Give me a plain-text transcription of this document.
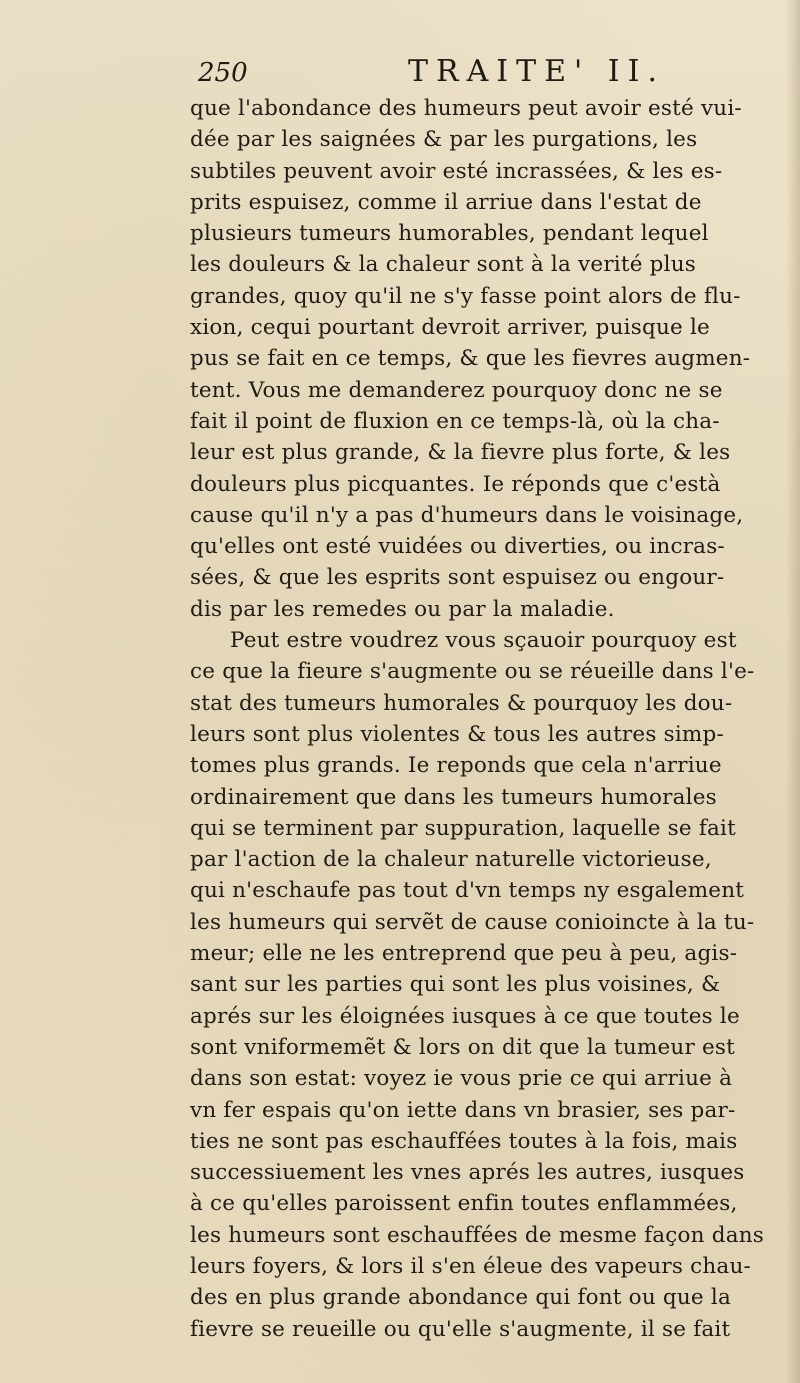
250	TRAITE' II.
que l'abondance des humeurs peut avoir esté vui-
dée par les saignées & par les purgations, les
subtiles peuvent avoir esté incrassées, & les es-
prits espuisez, comme il arriue dans l'estat de
plusieurs tumeurs humorables, pendant lequel
les douleurs & la chaleur sont à la verité plus
grandes, quoy qu'il ne s'y fasse point alors de flu-
xion, cequi pourtant devroit arriver, puisque le
pus se fait en ce temps, & que les fievres augmen-
tent. Vous me demanderez pourquoy donc ne se
fait il point de fluxion en ce temps-là, où la cha-
leur est plus grande, & la fievre plus forte, & les
douleurs plus picquantes. Ie réponds que c'està
cause qu'il n'y a pas d'humeurs dans le voisinage,
qu'elles ont esté vuidées ou diverties, ou incras-
sées, & que les esprits sont espuisez ou engour-
dis par les remedes ou par la maladie.
Peut estre voudrez vous sçauoir pourquoy est
ce que la fieure s'augmente ou se réueille dans l'e-
stat des tumeurs humorales & pourquoy les dou-
leurs sont plus violentes & tous les autres simp-
tomes plus grands. Ie reponds que cela n'arriue
ordinairement que dans les tumeurs humorales
qui se terminent par suppuration, laquelle se fait
par l'action de la chaleur naturelle victorieuse,
qui n'eschaufe pas tout d'vn temps ny esgalement
les humeurs qui servẽt de cause conioincte à la tu-
meur; elle ne les entreprend que peu à peu, agis-
sant sur les parties qui sont les plus voisines, &
aprés sur les éloignées iusques à ce que toutes le
sont vniformemẽt & lors on dit que la tumeur est
dans son estat: voyez ie vous prie ce qui arriue à
vn fer espais qu'on iette dans vn brasier, ses par-
ties ne sont pas eschauffées toutes à la fois, mais
successiuement les vnes aprés les autres, iusques
à ce qu'elles paroissent enfin toutes enflammées,
les humeurs sont eschauffées de mesme façon dans
leurs foyers, & lors il s'en éleue des vapeurs chau-
des en plus grande abondance qui font ou que la
fievre se reueille ou qu'elle s'augmente, il se fait
